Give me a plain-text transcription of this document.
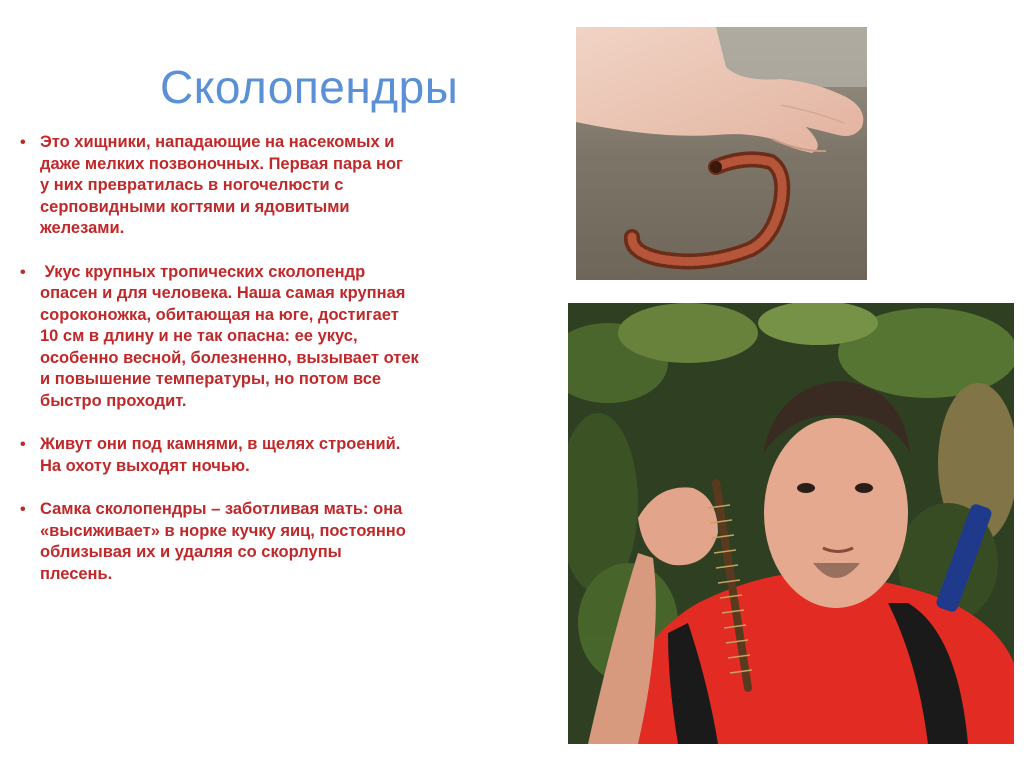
Сколопендры
• Это хищники, нападающие на насекомых и
даже мелких позвоночных. Первая пара ног
у них превратилась в ногочелюсти с
серповидными когтями и ядовитыми
железами.
• Укус крупных тропических сколопендр
опасен и для человека. Наша самая крупная
сороконожка, обитающая на юге, достигает
10 см в длину и не так опасна: ее укус,
особенно весной, болезненно, вызывает отек
и повышение температуры, но потом все
быстро проходит.
• Живут они под камнями, в щелях строений.
На охоту выходят ночью.
• Самка сколопендры – заботливая мать: она
«высиживает» в норке кучку яиц, постоянно
облизывая их и удаляя со скорлупы
плесень.
